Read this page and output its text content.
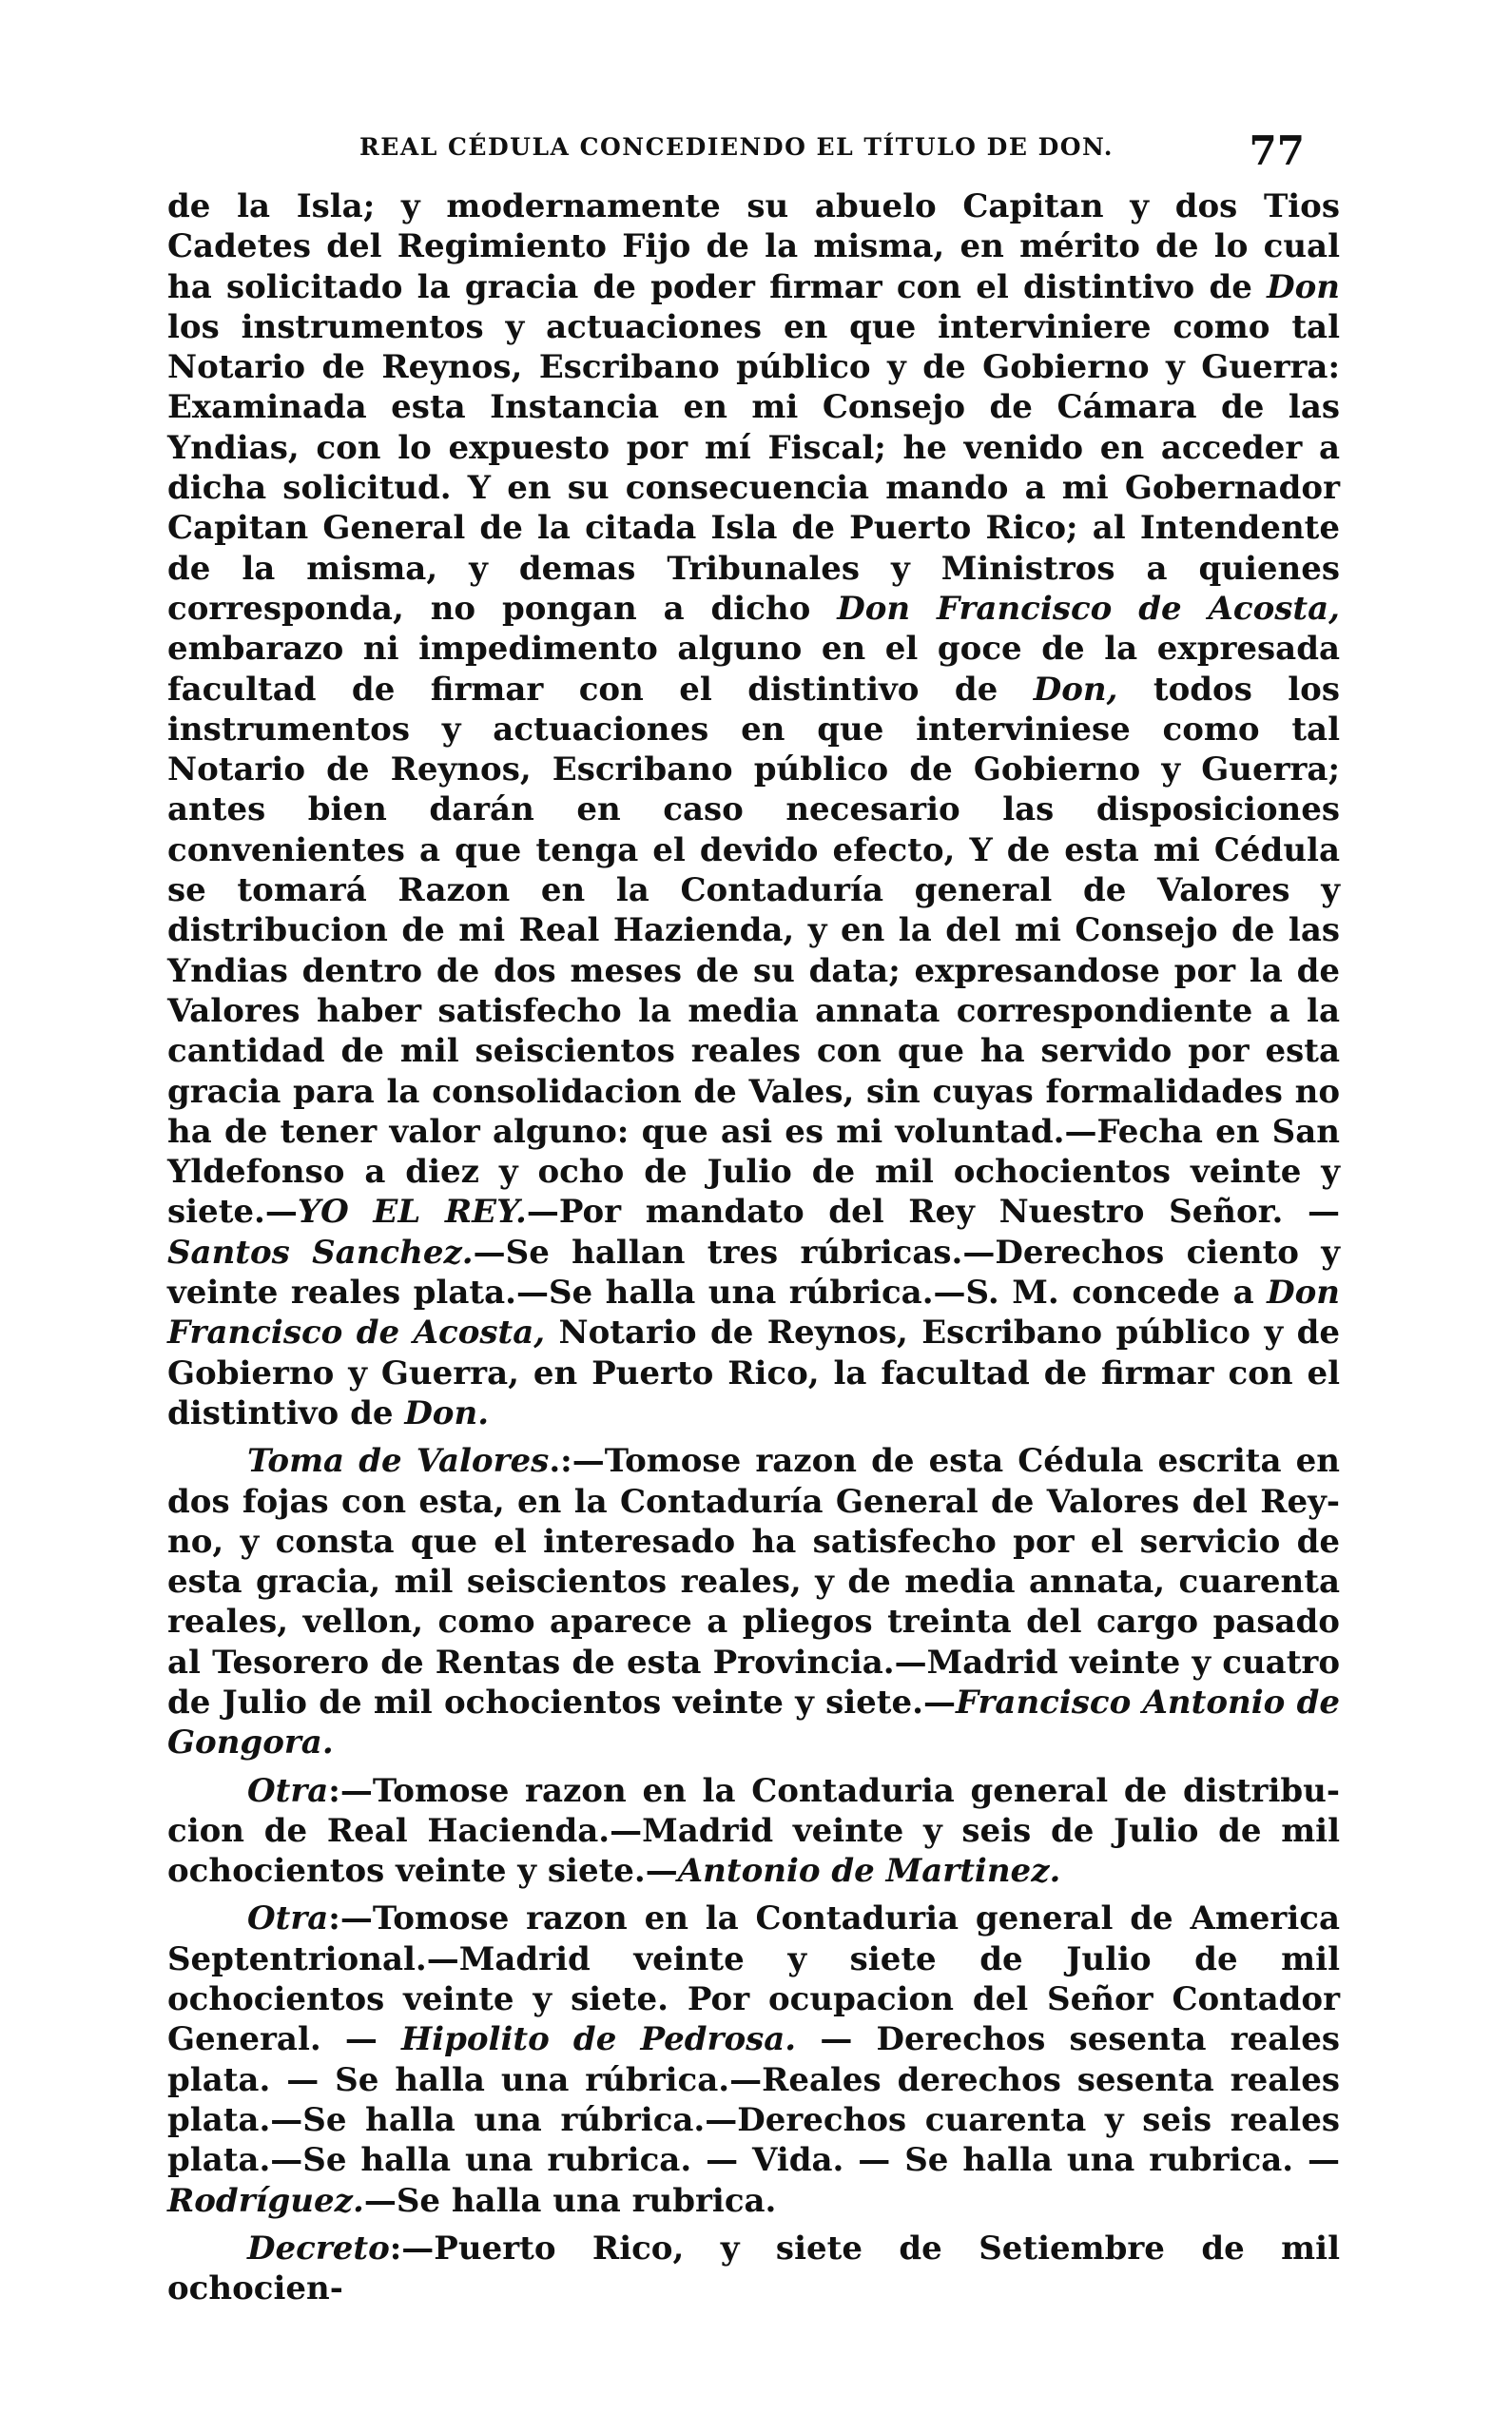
REAL CÉDULA CONCEDIENDO EL TÍTULO DE DON.	77

de la Isla; y modernamente su abuelo Capitan y dos Tios Cadetes del Regimiento Fijo de la misma, en mérito de lo cual ha solicitado la gracia de poder firmar con el distintivo de Don los instrumentos y actuaciones en que interviniere como tal Notario de Reynos, Escribano público y de Gobierno y Guerra: Examinada esta Instancia en mi Consejo de Cámara de las Yndias, con lo expuesto por mí Fiscal; he venido en acceder a dicha solicitud. Y en su consecuencia mando a mi Gobernador Capitan General de la citada Isla de Puerto Rico; al Intendente de la misma, y demas Tribunales y Ministros a quienes corresponda, no pongan a dicho Don Francisco de Acosta, embarazo ni impedimento alguno en el goce de la expresada facultad de firmar con el distintivo de Don, todos los instrumentos y actuaciones en que interviniese como tal Notario de Reynos, Escribano público de Gobierno y Guerra; antes bien darán en caso necesario las disposiciones convenientes a que tenga el devido efecto, Y de esta mi Cédula se tomará Razon en la Contaduría general de Valores y distribucion de mi Real Hazienda, y en la del mi Consejo de las Yndias dentro de dos meses de su data; expresandose por la de Valores haber satisfecho la media annata correspondiente a la cantidad de mil seiscientos reales con que ha servido por esta gracia para la consolidacion de Vales, sin cuyas formalidades no ha de tener valor alguno: que asi es mi voluntad.—Fecha en San Yldefonso a diez y ocho de Julio de mil ochocientos veinte y siete.—YO EL REY.—Por mandato del Rey Nuestro Señor. — Santos Sanchez.—Se hallan tres rúbricas.—Derechos ciento y veinte reales plata.—Se halla una rúbrica.—S. M. concede a Don Francisco de Acosta, Notario de Reynos, Escribano público y de Gobierno y Guerra, en Puerto Rico, la facultad de firmar con el distintivo de Don.

Toma de Valores.:—Tomose razon de esta Cédula escrita en dos fojas con esta, en la Contaduría General de Valores del Reyno, y consta que el interesado ha satisfecho por el servicio de esta gracia, mil seiscientos reales, y de media annata, cuarenta reales, vellon, como aparece a pliegos treinta del cargo pasado al Tesorero de Rentas de esta Provincia.—Madrid veinte y cuatro de Julio de mil ochocientos veinte y siete.—Francisco Antonio de Gongora.

Otra:—Tomose razon en la Contaduria general de distribucion de Real Hacienda.—Madrid veinte y seis de Julio de mil ochocientos veinte y siete.—Antonio de Martinez.

Otra:—Tomose razon en la Contaduria general de America Septentrional.—Madrid veinte y siete de Julio de mil ochocientos veinte y siete. Por ocupacion del Señor Contador General. — Hipolito de Pedrosa. — Derechos sesenta reales plata. — Se halla una rúbrica.—Reales derechos sesenta reales plata.—Se halla una rúbrica.—Derechos cuarenta y seis reales plata.—Se halla una rubrica. — Vida. — Se halla una rubrica. — Rodríguez.—Se halla una rubrica.

Decreto:—Puerto Rico, y siete de Setiembre de mil ochocien-
